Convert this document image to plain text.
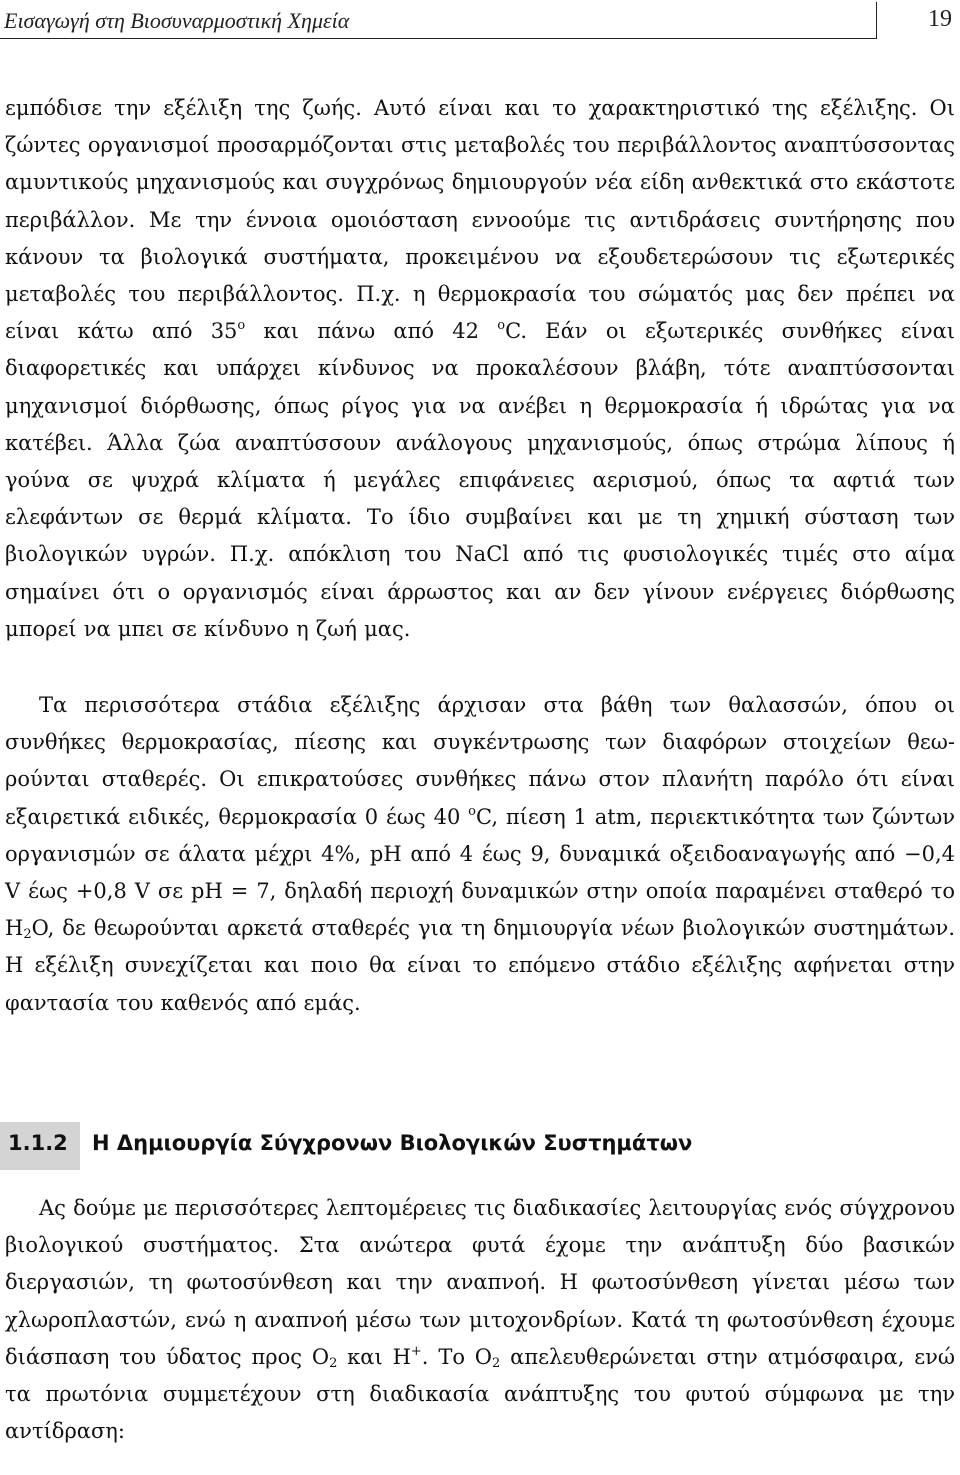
Εισαγωγή στη Βιοσυναρμοστική Χημεία	19

εμπόδισε την εξέλιξη της ζωής. Αυτό είναι και το χαρακτηριστικό της εξέλιξης. Οι ζώντες οργανισμοί προσαρμόζονται στις μεταβολές του περιβάλλοντος αναπτύσσοντας αμυντικούς μηχανισμούς και συγχρόνως δημιουργούν νέα είδη ανθεκτικά στο εκάστοτε περιβάλλον. Με την έννοια ομοιόσταση εννοούμε τις αντιδράσεις συντήρησης που κάνουν τα βιολογικά συστήματα, προκειμένου να εξουδετερώσουν τις εξωτερικές μεταβολές του περιβάλλοντος. Π.χ. η θερμοκρασία του σώματός μας δεν πρέπει να είναι κάτω από 35$^o$ και πάνω από 42 $^o$C. Εάν οι εξωτερικές συνθήκες είναι διαφορετικές και υπάρχει κίνδυνος να προκαλέσουν βλάβη, τότε αναπτύσσονται μηχανισμοί διόρθωσης, όπως ρίγος για να ανέβει η θερμοκρασία ή ιδρώτας για να κατέβει. Άλλα ζώα αναπτύσσουν ανάλογους μηχανισμούς, όπως στρώμα λίπους ή γούνα σε ψυχρά κλίματα ή μεγάλες επιφάνειες αερισμού, όπως τα αφτιά των ελεφάντων σε θερμά κλίματα. Το ίδιο συμβαίνει και με τη χημική σύσταση των βιολογικών υγρών. Π.χ. απόκλιση του NaCl από τις φυσιολογικές τιμές στο αίμα σημαίνει ότι ο οργανισμός είναι άρρωστος και αν δεν γίνουν ενέργειες διόρθωσης μπορεί να μπει σε κίνδυνο η ζωή μας.

Τα περισσότερα στάδια εξέλιξης άρχισαν στα βάθη των θαλασσών, όπου οι συνθήκες θερμοκρασίας, πίεσης και συγκέντρωσης των διαφόρων στοιχείων θεωρούνται σταθερές. Οι επικρατούσες συνθήκες πάνω στον πλανήτη παρόλο ότι είναι εξαιρετικά ειδικές, θερμοκρασία 0 έως 40 $^o$C, πίεση 1 atm, περιεκτικότητα των ζώντων οργανισμών σε άλατα μέχρι 4%, pH από 4 έως 9, δυναμικά οξειδοαναγωγής από −0,4 V έως +0,8 V σε pH = 7, δηλαδή περιοχή δυναμικών στην οποία παραμένει σταθερό το $H_2O$, δε θεωρούνται αρκετά σταθερές για τη δημιουργία νέων βιολογικών συστημάτων. Η εξέλιξη συνεχίζεται και ποιο θα είναι το επόμενο στάδιο εξέλιξης αφήνεται στην φαντασία του καθενός από εμάς.

1.1.2 Η Δημιουργία Σύγχρονων Βιολογικών Συστημάτων

Ας δούμε με περισσότερες λεπτομέρειες τις διαδικασίες λειτουργίας ενός σύγχρονου βιολογικού συστήματος. Στα ανώτερα φυτά έχομε την ανάπτυξη δύο βασικών διεργασιών, τη φωτοσύνθεση και την αναπνοή. Η φωτοσύνθεση γίνεται μέσω των χλωροπλαστών, ενώ η αναπνοή μέσω των μιτοχονδρίων. Κατά τη φωτοσύνθεση έχουμε διάσπαση του ύδατος προς $O_2$ και H+. Το $O_2$ απελευθερώνεται στην ατμόσφαιρα, ενώ τα πρωτόνια συμμετέχουν στη διαδικασία ανάπτυξης του φυτού σύμφωνα με την αντίδραση:
